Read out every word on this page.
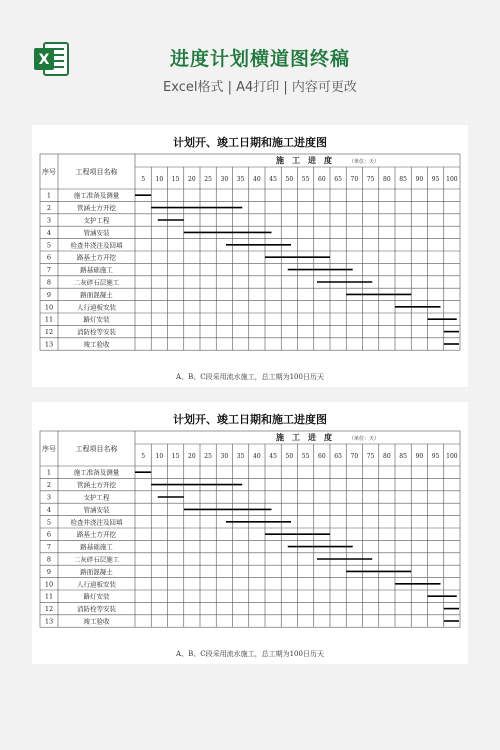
X	进度计划横道图终稿
Excel格式 | A4打印 | 内容可更改
计划开、竣工日期和施工进度图
序号	工程项目名称
施　工　进　度	（单位：天）
5 10 15 20 25 30 35 40 45 50 55 60 65 70 75 80 85 90 95 100
1	施工准备及测量
2	管涵土方开挖
3	支护工程
4	管涵安装
5	检查井浇注及回填
6	路基土方开挖
7	路基础施工
8	二灰碎石层施工
9	路面混凝土
10	人行道板安装
11	路灯安装
12	消防栓等安装
13	竣工验收
A、B、C段采用流水施工，总工期为100日历天
计划开、竣工日期和施工进度图
序号	工程项目名称
施　工　进　度	（单位：天）
5 10 15 20 25 30 35 40 45 50 55 60 65 70 75 80 85 90 95 100
1	施工准备及测量
2	管涵土方开挖
3	支护工程
4	管涵安装
5	检查井浇注及回填
6	路基土方开挖
7	路基础施工
8	二灰碎石层施工
9	路面混凝土
10	人行道板安装
11	路灯安装
12	消防栓等安装
13	竣工验收
A、B、C段采用流水施工，总工期为100日历天
